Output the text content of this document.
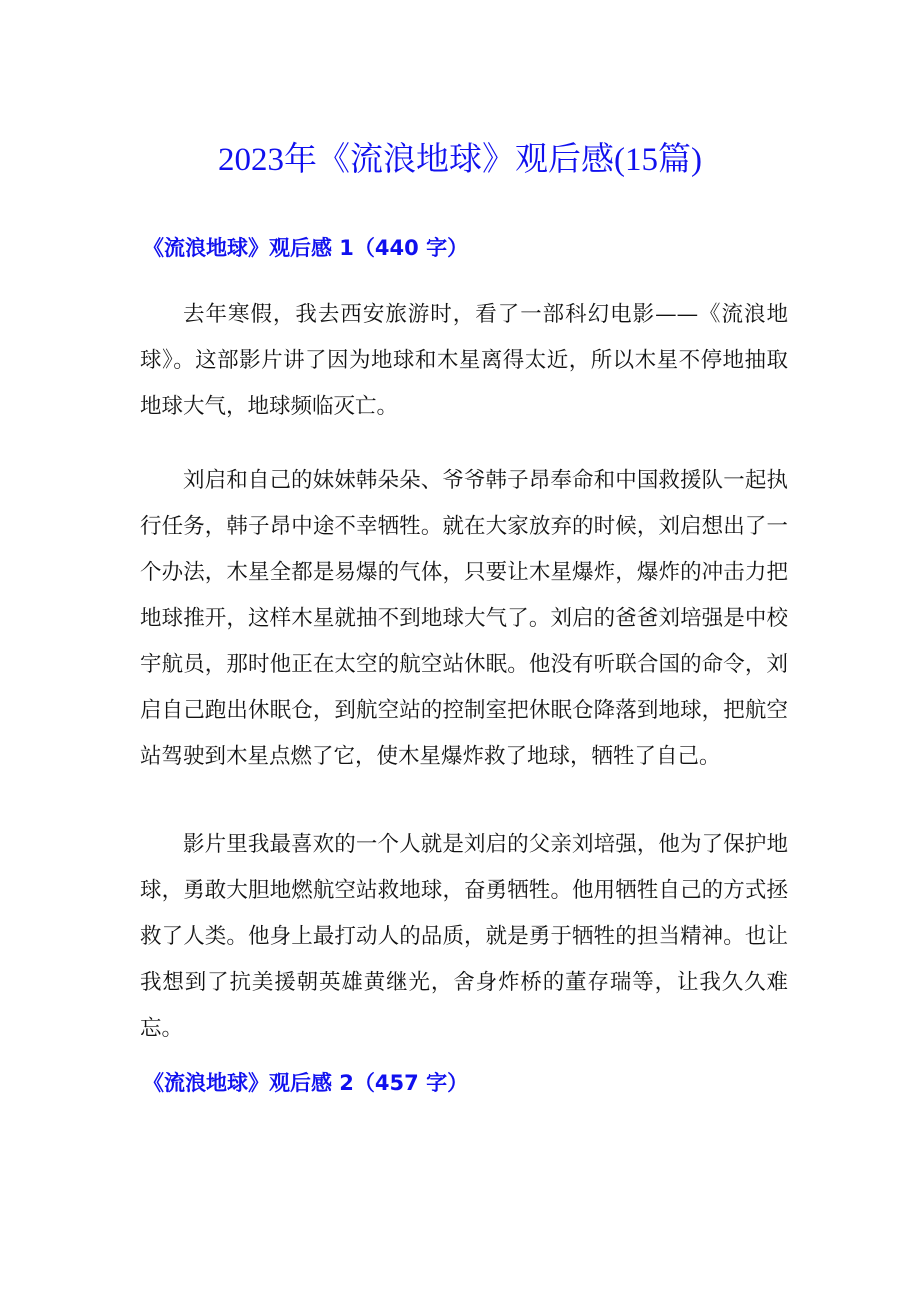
2023年《流浪地球》观后感(15篇)
《流浪地球》观后感 1（440 字）

去年寒假，我去西安旅游时，看了一部科幻电影——《流浪地球》。这部影片讲了因为地球和木星离得太近，所以木星不停地抽取地球大气，地球频临灭亡。

刘启和自己的妹妹韩朵朵、爷爷韩子昂奉命和中国救援队一起执行任务，韩子昂中途不幸牺牲。就在大家放弃的时候，刘启想出了一个办法，木星全都是易爆的气体，只要让木星爆炸，爆炸的冲击力把地球推开，这样木星就抽不到地球大气了。刘启的爸爸刘培强是中校宇航员，那时他正在太空的航空站休眠。他没有听联合国的命令，刘启自己跑出休眠仓，到航空站的控制室把休眠仓降落到地球，把航空站驾驶到木星点燃了它，使木星爆炸救了地球，牺牲了自己。

影片里我最喜欢的一个人就是刘启的父亲刘培强，他为了保护地球，勇敢大胆地燃航空站救地球，奋勇牺牲。他用牺牲自己的方式拯救了人类。他身上最打动人的品质，就是勇于牺牲的担当精神。也让我想到了抗美援朝英雄黄继光，舍身炸桥的董存瑞等，让我久久难忘。

《流浪地球》观后感 2（457 字）
